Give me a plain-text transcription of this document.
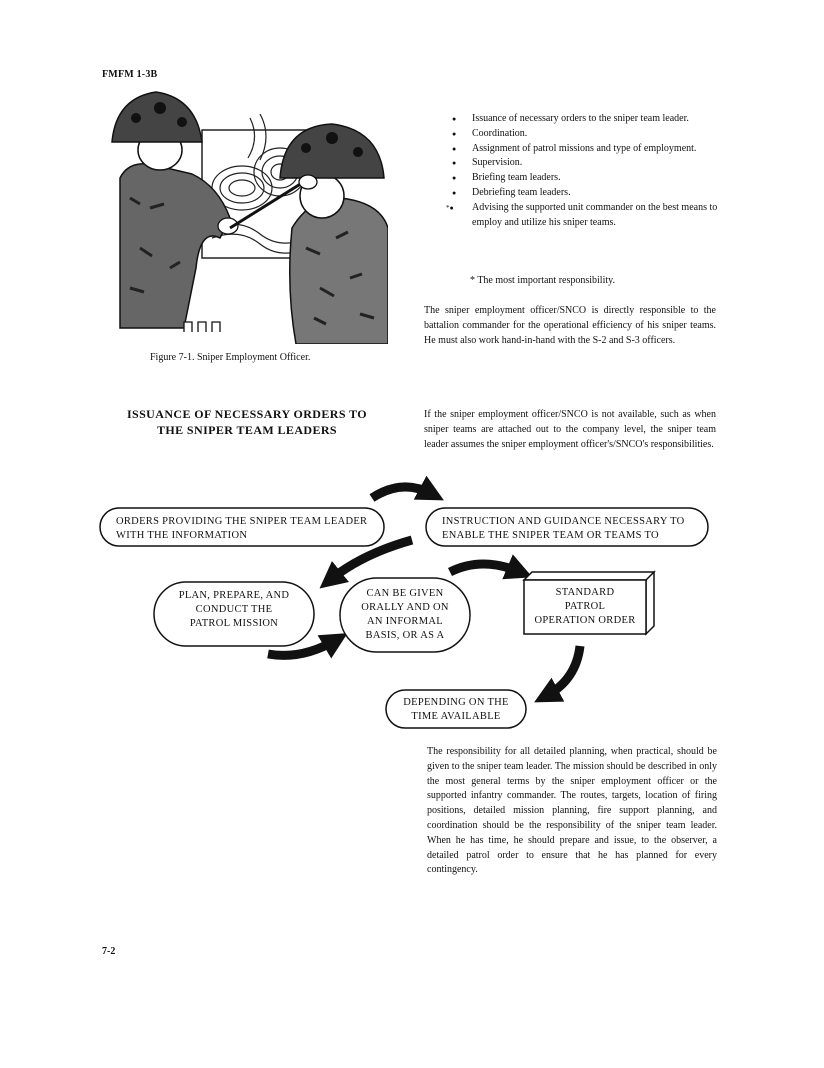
FMFM 1-3B
Figure 7-1. Sniper Employment Officer.
● Issuance of necessary orders to the sniper team leader.
● Coordination.
● Assignment of patrol missions and type of employment.
● Supervision.
● Briefing team leaders.
● Debriefing team leaders.
*● Advising the supported unit commander on the best means to employ and utilize his sniper teams.
* The most important responsibility.
The sniper employment officer/SNCO is directly responsible to the battalion commander for the operational efficiency of his sniper teams. He must also work hand-in-hand with the S-2 and S-3 officers.
ISSUANCE OF NECESSARY ORDERS TO
THE SNIPER TEAM LEADERS
If the sniper employment officer/SNCO is not available, such as when sniper teams are attached out to the company level, the sniper team leader assumes the sniper employment officer's/SNCO's responsibilities.
ORDERS PROVIDING THE SNIPER TEAM LEADER
WITH THE INFORMATION
INSTRUCTION AND GUIDANCE NECESSARY TO
ENABLE THE SNIPER TEAM OR TEAMS TO
PLAN, PREPARE, AND
CONDUCT THE
PATROL MISSION
CAN BE GIVEN
ORALLY AND ON
AN INFORMAL
BASIS, OR AS A
STANDARD
PATROL
OPERATION ORDER
DEPENDING ON THE
TIME AVAILABLE
The responsibility for all detailed planning, when practical, should be given to the sniper team leader. The mission should be described in only the most general terms by the sniper employment officer or the supported infantry commander. The routes, targets, location of firing positions, detailed mission planning, fire support planning, and coordination should be the responsibility of the sniper team leader. When he has time, he should prepare and issue, to the observer, a detailed patrol order to ensure that he has planned for every contingency.
7-2
